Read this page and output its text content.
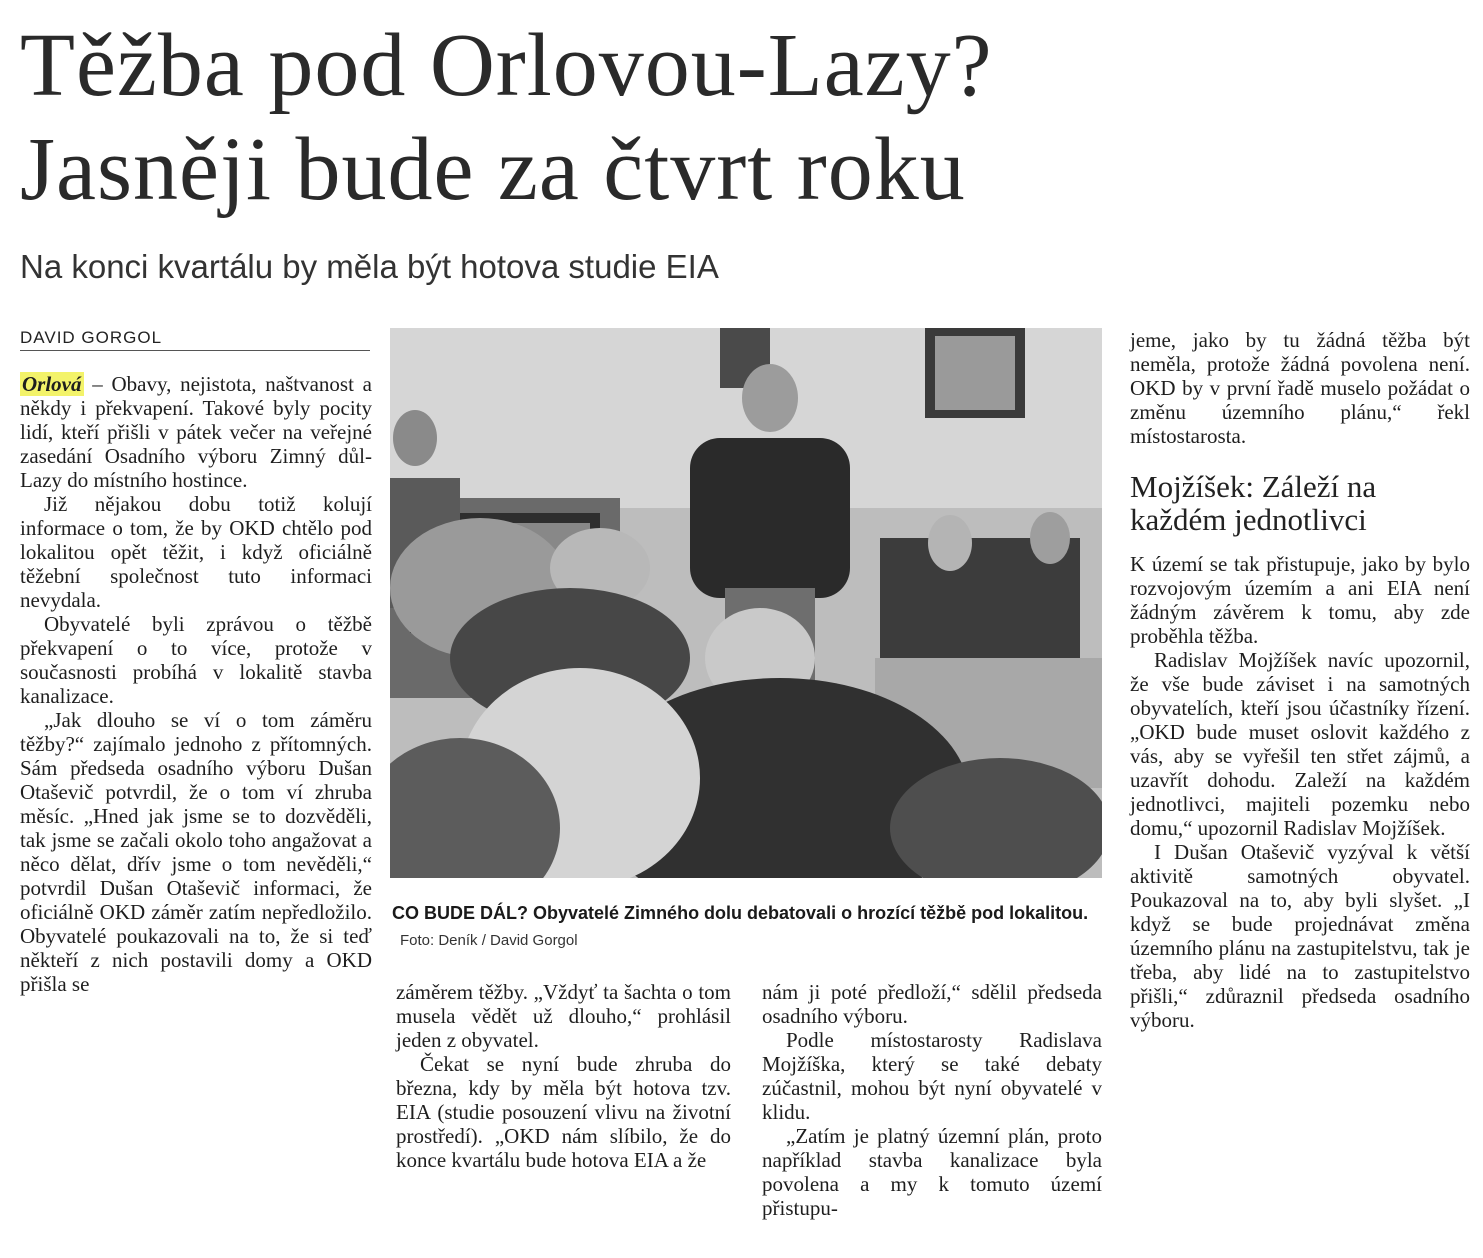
Těžba pod Orlovou-Lazy?
Jasněji bude za čtvrt roku
Na konci kvartálu by měla být hotova studie EIA
DAVID GORGOL

Orlová – Obavy, nejistota, naštvanost a někdy i překvapení. Takové byly pocity lidí, kteří přišli v pátek večer na veřejné zasedání Osadního výboru Zimný důl-Lazy do místního hostince.

Již nějakou dobu totiž kolují informace o tom, že by OKD chtělo pod lokalitou opět těžit, i když oficiálně těžební společnost tuto informaci nevydala.

Obyvatelé byli zprávou o těžbě překvapení o to více, protože v současnosti probíhá v lokalitě stavba kanalizace.

„Jak dlouho se ví o tom záměru těžby?“ zajímalo jednoho z přítomných. Sám předseda osadního výboru Dušan Otaševič potvrdil, že o tom ví zhruba měsíc. „Hned jak jsme se to dozvěděli, tak jsme se začali okolo toho angažovat a něco dělat, dřív jsme o tom nevěděli,“ potvrdil Dušan Otaševič informaci, že oficiálně OKD záměr zatím nepředložilo. Obyvatelé poukazovali na to, že si teď někteří z nich postavili domy a OKD přišla se

CO BUDE DÁL? Obyvatelé Zimného dolu debatovali o hrozící těžbě pod lokalitou. Foto: Deník / David Gorgol

záměrem těžby. „Vždyť ta šachta o tom musela vědět už dlouho,“ prohlásil jeden z obyvatel.

Čekat se nyní bude zhruba do března, kdy by měla být hotova tzv. EIA (studie posouzení vlivu na životní prostředí). „OKD nám slíbilo, že do konce kvartálu bude hotova EIA a že

nám ji poté předloží,“ sdělil předseda osadního výboru.

Podle místostarosty Radislava Mojžíška, který se také debaty zúčastnil, mohou být nyní obyvatelé v klidu.

„Zatím je platný územní plán, proto například stavba kanalizace byla povolena a my k tomuto území přistupu-

jeme, jako by tu žádná těžba být neměla, protože žádná povolena není. OKD by v první řadě muselo požádat o změnu územního plánu,“ řekl místostarosta.

Mojžíšek: Záleží na každém jednotlivci

K území se tak přistupuje, jako by bylo rozvojovým územím a ani EIA není žádným závěrem k tomu, aby zde proběhla těžba.

Radislav Mojžíšek navíc upozornil, že vše bude záviset i na samotných obyvatelích, kteří jsou účastníky řízení. „OKD bude muset oslovit každého z vás, aby se vyřešil ten střet zájmů, a uzavřít dohodu. Zaleží na každém jednotlivci, majiteli pozemku nebo domu,“ upozornil Radislav Mojžíšek.

I Dušan Otaševič vyzýval k větší aktivitě samotných obyvatel. Poukazoval na to, aby byli slyšet. „I když se bude projednávat změna územního plánu na zastupitelstvu, tak je třeba, aby lidé na to zastupitelstvo přišli,“ zdůraznil předseda osadního výboru.
